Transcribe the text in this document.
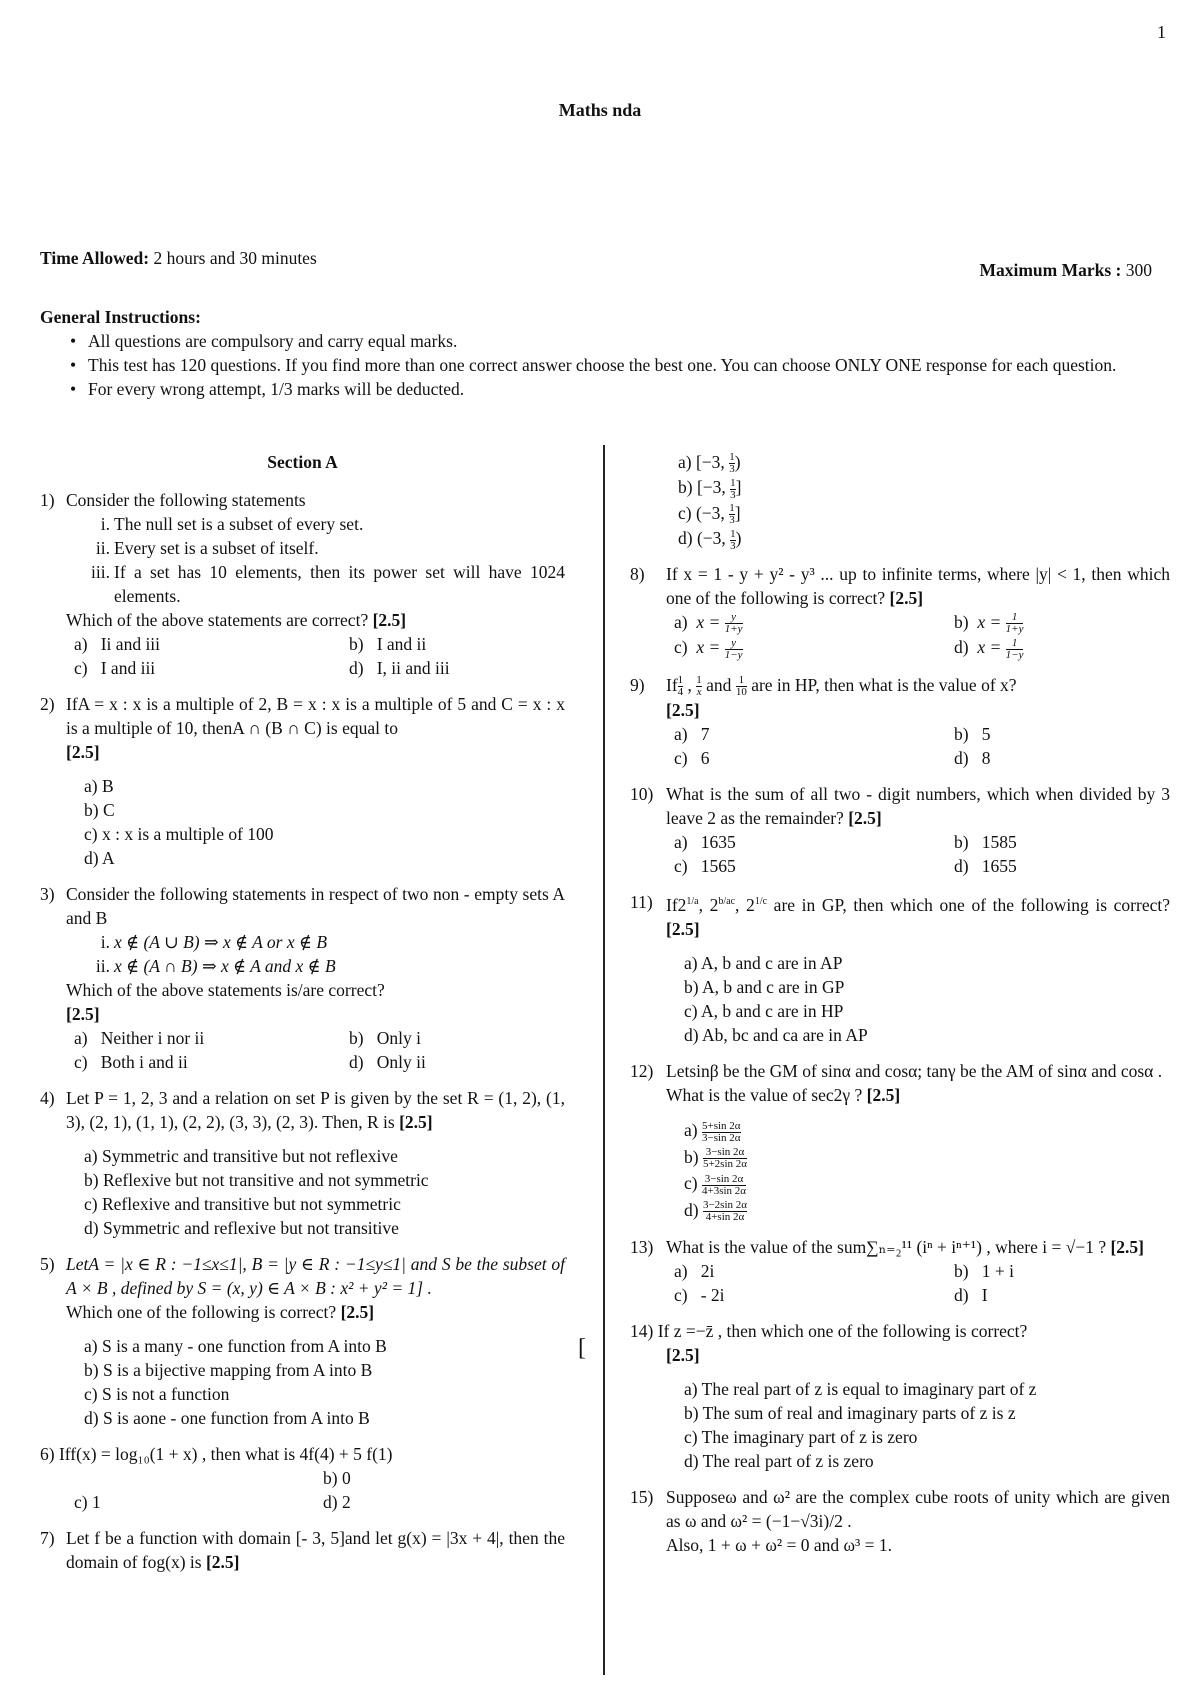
1
Maths nda
Time Allowed: 2 hours and 30 minutes
Maximum Marks : 300
General Instructions:
• All questions are compulsory and carry equal marks.
• This test has 120 questions. If you find more than one correct answer choose the best one. You can choose ONLY ONE response for each question.
• For every wrong attempt, 1/3 marks will be deducted.
[
Section A
1) Consider the following statements
i. The null set is a subset of every set.
ii. Every set is a subset of itself.
iii. If a set has 10 elements, then its power set will have 1024 elements.
Which of the above statements are correct? [2.5]
a)   Ii and iii	b)   I and ii
c)   I and iii	d)   I, ii and iii
2) IfA = x : x is a multiple of 2, B = x : x is a multiple of 5 and C = x : x is a multiple of 10, thenA ∩ (B ∩ C) is equal to
[2.5]
a) B
b) C
c) x : x is a multiple of 100
d) A
3) Consider the following statements in respect of two non - empty sets A and B
i. x ∉ (A ∪ B) ⇒ x ∉ A or x ∉ B
ii. x ∉ (A ∩ B) ⇒ x ∉ A and x ∉ B
Which of the above statements is/are correct?
[2.5]
a)   Neither i nor ii	b)   Only i
c)   Both i and ii	d)   Only ii
4) Let P = 1, 2, 3 and a relation on set P is given by the set R = (1, 2), (1, 3), (2, 1), (1, 1), (2, 2), (3, 3), (2, 3). Then, R is [2.5]
a) Symmetric and transitive but not reflexive
b) Reflexive but not transitive and not symmetric
c) Reflexive and transitive but not symmetric
d) Symmetric and reflexive but not transitive
5) LetA = |x ∈ R : −1≤x≤1|, B = |y ∈ R : −1≤y≤1| and S be the subset of A × B , defined by S = (x, y) ∈ A × B : x² + y² = 1] .
Which one of the following is correct? [2.5]
a) S is a many - one function from A into B
b) S is a bijective mapping from A into B
c) S is not a function
d) S is aone - one function from A into B
6) Iff(x) = log₁₀(1 + x) , then what is 4f(4) + 5 f(1)
b) 0
c) 1	d) 2
7) Let f be a function with domain [- 3, 5]and let g(x) = |3x + 4|, then the domain of fog(x) is [2.5]
a) [−3, $\frac{1}{3}$ )
b) [−3, $\frac{1}{3}$ ]
c) (−3, $\frac{1}{3}$ ]
d) (−3, $\frac{1}{3}$ )
8) If x = 1 - y + y² - y³ ... up to infinite terms, where |y| < 1, then which one of the following is correct? [2.5]
a) $x = \frac{y}{1+y}$	b) $x = \frac{1}{1+y}$
c) $x = \frac{y}{1-y}$	d) $x = \frac{1}{1-y}$
9) If $\frac{1}{4}$ , $\frac{1}{x}$ and $\frac{1}{10}$ are in HP, then what is the value of x?
[2.5]
a)   7	b)   5
c)   6	d)   8
10) What is the sum of all two - digit numbers, which when divided by 3 leave 2 as the remainder? [2.5]
a)   1635	b)   1585
c)   1565	d)   1655
11) $If2^{1/a}$, $2^{b/ac}$, $2^{1/c}$ are in GP, then which one of the following is correct? [2.5]
a) A, b and c are in AP
b) A, b and c are in GP
c) A, b and c are in HP
d) Ab, bc and ca are in AP
12) Letsinβ be the GM of sinα and cosα; tanγ be the AM of sinα and cosα .
What is the value of sec2γ ? [2.5]
$a) \frac{5+\sin 2\alpha}{3-\sin 2\alpha}$
$b) \frac{3-\sin 2\alpha}{5+2\sin 2\alpha}$
$c) \frac{3-\sin 2\alpha}{4+3\sin 2\alpha}$
$d) \frac{3-2\sin 2\alpha}{4+\sin 2\alpha}$
13) What is the value of the sum∑ₙ₌₂¹¹ (iⁿ + iⁿ⁺¹) , where i = √−1 ? [2.5]
a)   2i	b)   1 + i
c)   - 2i	d)   I
14) If z =−z̄ , then which one of the following is correct?
[2.5]
a) The real part of z is equal to imaginary part of z
b) The sum of real and imaginary parts of z is z
c) The imaginary part of z is zero
d) The real part of z is zero
15) Supposeω and ω² are the complex cube roots of unity which are given as ω and ω² = (−1−√3i)/2 .
Also, 1 + ω + ω² = 0 and ω³ = 1.
